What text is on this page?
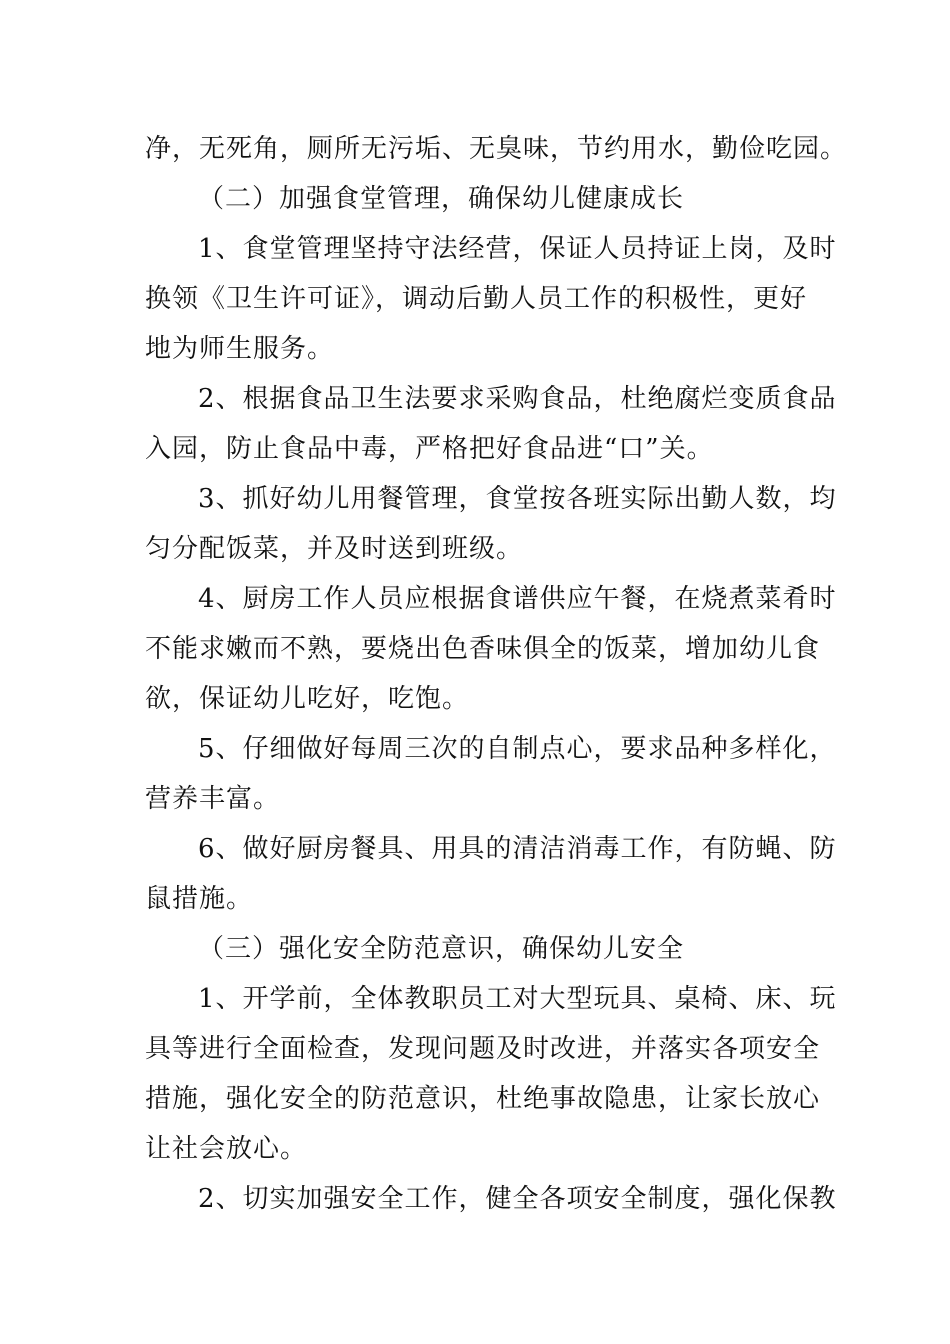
净，无死角，厕所无污垢、无臭味，节约用水，勤俭吃园。
（二）加强食堂管理，确保幼儿健康成长
1、食堂管理坚持守法经营，保证人员持证上岗，及时
换领《卫生许可证》，调动后勤人员工作的积极性，更好
地为师生服务。
2、根据食品卫生法要求采购食品，杜绝腐烂变质食品
入园，防止食品中毒，严格把好食品进“口”关。
3、抓好幼儿用餐管理，食堂按各班实际出勤人数，均
匀分配饭菜，并及时送到班级。
4、厨房工作人员应根据食谱供应午餐，在烧煮菜肴时
不能求嫩而不熟，要烧出色香味俱全的饭菜，增加幼儿食
欲，保证幼儿吃好，吃饱。
5、仔细做好每周三次的自制点心，要求品种多样化，
营养丰富。
6、做好厨房餐具、用具的清洁消毒工作，有防蝇、防
鼠措施。
（三）强化安全防范意识，确保幼儿安全
1、开学前，全体教职员工对大型玩具、桌椅、床、玩
具等进行全面检查，发现问题及时改进，并落实各项安全
措施，强化安全的防范意识，杜绝事故隐患，让家长放心
让社会放心。
2、切实加强安全工作，健全各项安全制度，强化保教
